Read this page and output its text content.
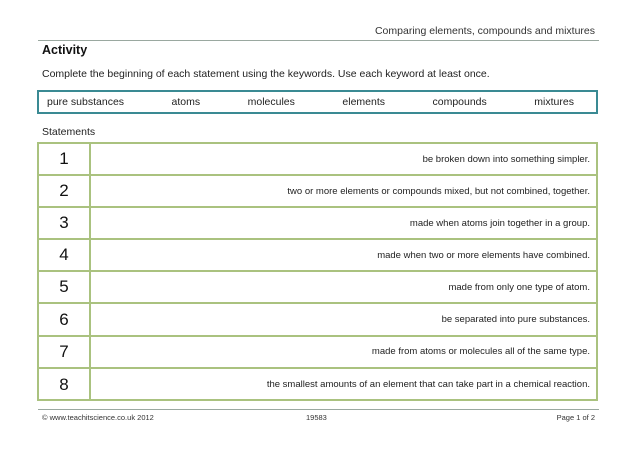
Comparing elements, compounds and mixtures
Activity
Complete the beginning of each statement using the keywords. Use each keyword at least once.
pure substances	atoms	molecules	elements	compounds	mixtures
Statements
1	be broken down into something simpler.
2	two or more elements or compounds mixed, but not combined, together.
3	made when atoms join together in a group.
4	made when two or more elements have combined.
5	made from only one type of atom.
6	be separated into pure substances.
7	made from atoms or molecules all of the same type.
8	the smallest amounts of an element that can take part in a chemical reaction.
© www.teachitscience.co.uk 2012	19583	Page 1 of 2
